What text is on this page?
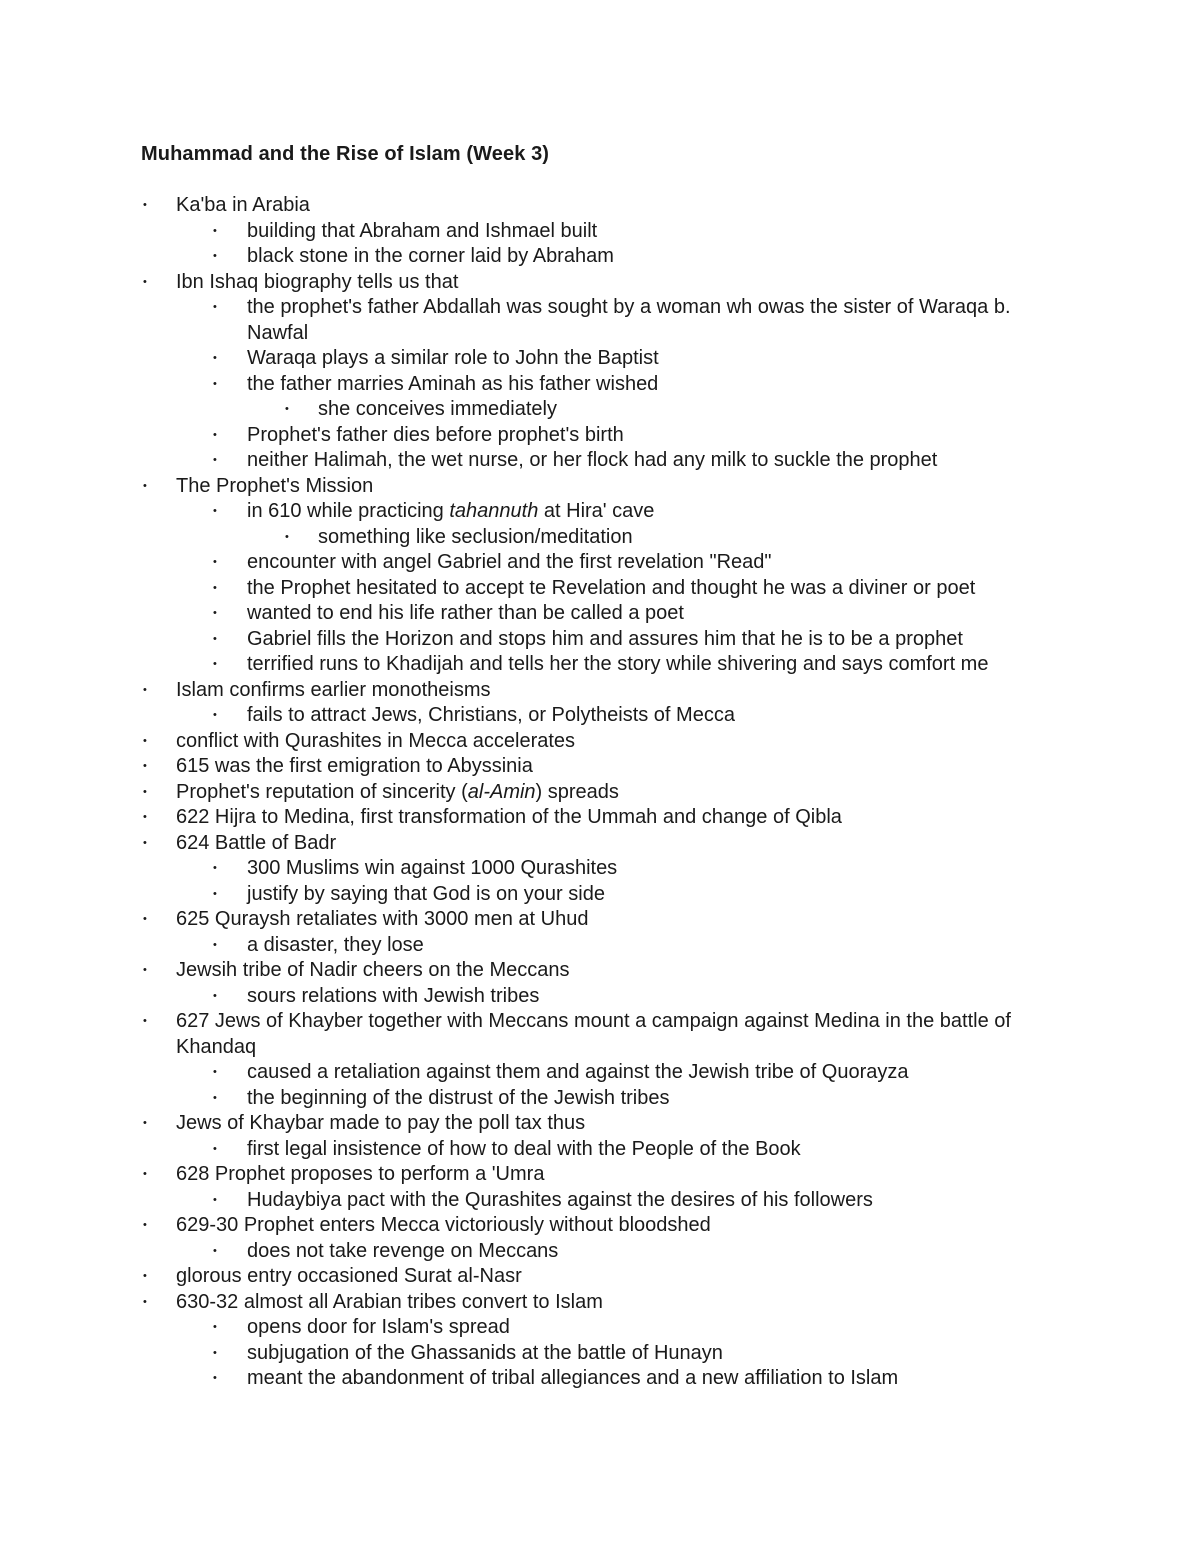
Muhammad and the Rise of Islam (Week 3)
• Ka'ba in Arabia
• building that Abraham and Ishmael built
• black stone in the corner laid by Abraham
• Ibn Ishaq biography tells us that
• the prophet's father Abdallah was sought by a woman wh owas the sister of Waraqa b. Nawfal
• Waraqa plays a similar role to John the Baptist
• the father marries Aminah as his father wished
• she conceives immediately
• Prophet's father dies before prophet's birth
• neither Halimah, the wet nurse, or her flock had any milk to suckle the prophet
• The Prophet's Mission
• in 610 while practicing tahannuth at Hira' cave
• something like seclusion/meditation
• encounter with angel Gabriel and the first revelation "Read"
• the Prophet hesitated to accept te Revelation and thought he was a diviner or poet
• wanted to end his life rather than be called a poet
• Gabriel fills the Horizon and stops him and assures him that he is to be a prophet
• terrified runs to Khadijah and tells her the story while shivering and says comfort me
• Islam confirms earlier monotheisms
• fails to attract Jews, Christians, or Polytheists of Mecca
• conflict with Qurashites in Mecca accelerates
• 615 was the first emigration to Abyssinia
• Prophet's reputation of sincerity (al-Amin) spreads
• 622 Hijra to Medina, first transformation of the Ummah and change of Qibla
• 624 Battle of Badr
• 300 Muslims win against 1000 Qurashites
• justify by saying that God is on your side
• 625 Quraysh retaliates with 3000 men at Uhud
• a disaster, they lose
• Jewsih tribe of Nadir cheers on the Meccans
• sours relations with Jewish tribes
• 627 Jews of Khayber together with Meccans mount a campaign against Medina in the battle of Khandaq
• caused a retaliation against them and against the Jewish tribe of Quorayza
• the beginning of the distrust of the Jewish tribes
• Jews of Khaybar made to pay the poll tax thus
• first legal insistence of how to deal with the People of the Book
• 628 Prophet proposes to perform a 'Umra
• Hudaybiya pact with the Qurashites against the desires of his followers
• 629-30 Prophet enters Mecca victoriously without bloodshed
• does not take revenge on Meccans
• glorous entry occasioned Surat al-Nasr
• 630-32 almost all Arabian tribes convert to Islam
• opens door for Islam's spread
• subjugation of the Ghassanids at the battle of Hunayn
• meant the abandonment of tribal allegiances and a new affiliation to Islam
